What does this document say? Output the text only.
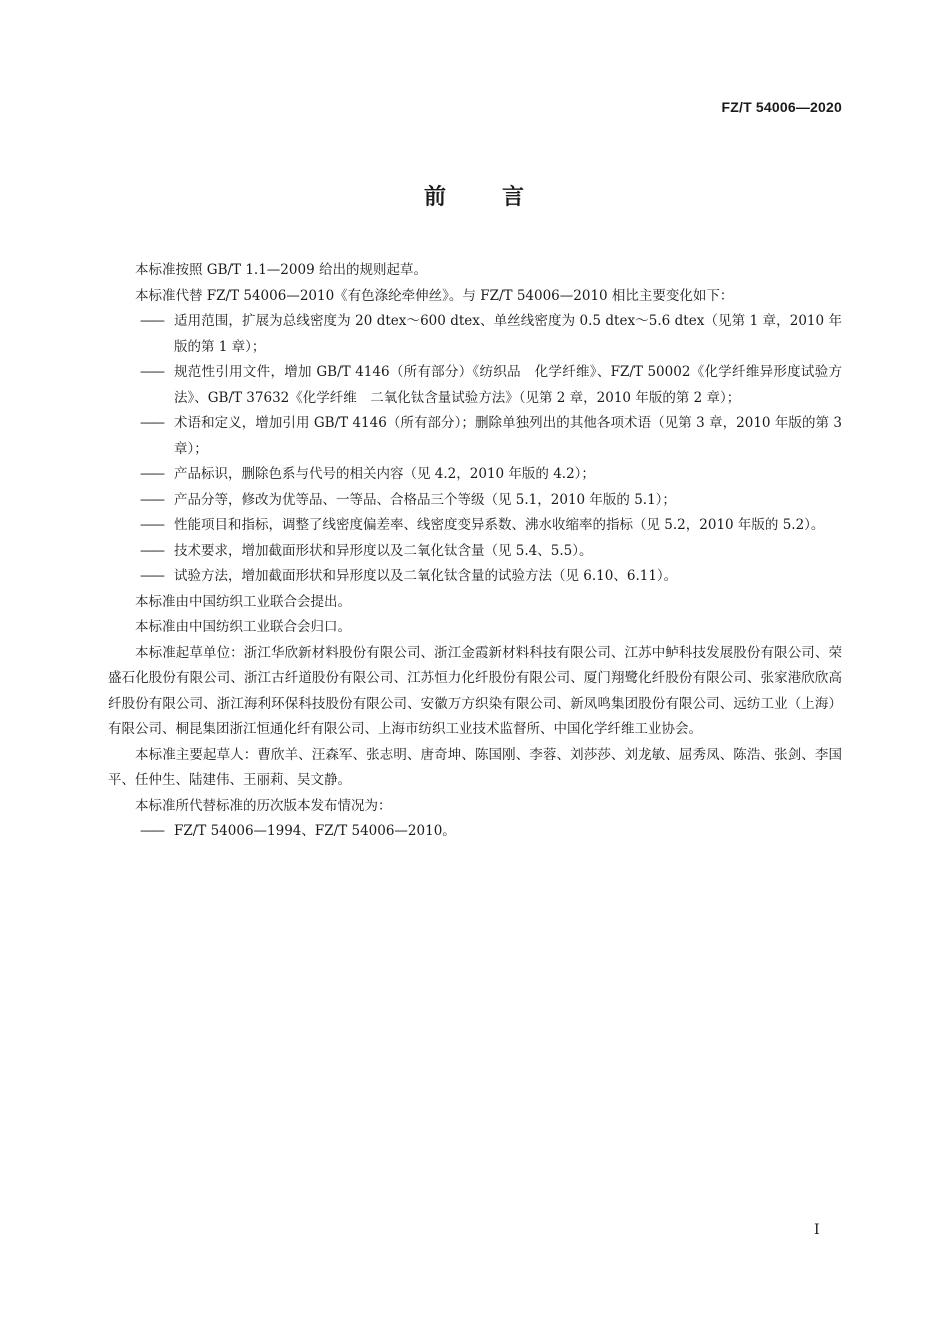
FZ/T 54006—2020
前 言

本标准按照 GB/T 1.1—2009 给出的规则起草。

本标准代替 FZ/T 54006—2010《有色涤纶牵伸丝》。与 FZ/T 54006—2010 相比主要变化如下：

—— 适用范围，扩展为总线密度为 20 dtex～600 dtex、单丝线密度为 0.5 dtex～5.6 dtex（见第 1 章，2010 年版的第 1 章）；
—— 规范性引用文件，增加 GB/T 4146（所有部分）《纺织品　化学纤维》、FZ/T 50002《化学纤维异形度试验方法》、GB/T 37632《化学纤维　二氧化钛含量试验方法》（见第 2 章，2010 年版的第 2 章）；
—— 术语和定义，增加引用 GB/T 4146（所有部分）；删除单独列出的其他各项术语（见第 3 章，2010 年版的第 3 章）；
—— 产品标识，删除色系与代号的相关内容（见 4.2，2010 年版的 4.2）；
—— 产品分等，修改为优等品、一等品、合格品三个等级（见 5.1，2010 年版的 5.1）；
—— 性能项目和指标，调整了线密度偏差率、线密度变异系数、沸水收缩率的指标（见 5.2，2010 年版的 5.2）。
—— 技术要求，增加截面形状和异形度以及二氧化钛含量（见 5.4、5.5）。
—— 试验方法，增加截面形状和异形度以及二氧化钛含量的试验方法（见 6.10、6.11）。

本标准由中国纺织工业联合会提出。

本标准由中国纺织工业联合会归口。

本标准起草单位：浙江华欣新材料股份有限公司、浙江金霞新材料科技有限公司、江苏中鲈科技发展股份有限公司、荣盛石化股份有限公司、浙江古纤道股份有限公司、江苏恒力化纤股份有限公司、厦门翔鹭化纤股份有限公司、张家港欣欣高纤股份有限公司、浙江海利环保科技股份有限公司、安徽万方织染有限公司、新凤鸣集团股份有限公司、远纺工业（上海）有限公司、桐昆集团浙江恒通化纤有限公司、上海市纺织工业技术监督所、中国化学纤维工业协会。

本标准主要起草人：曹欣羊、汪森军、张志明、唐奇坤、陈国刚、李蓉、刘莎莎、刘龙敏、屈秀凤、陈浩、张剑、李国平、任仲生、陆建伟、王丽莉、吴文静。

本标准所代替标准的历次版本发布情况为：

—— FZ/T 54006—1994、FZ/T 54006—2010。
I
